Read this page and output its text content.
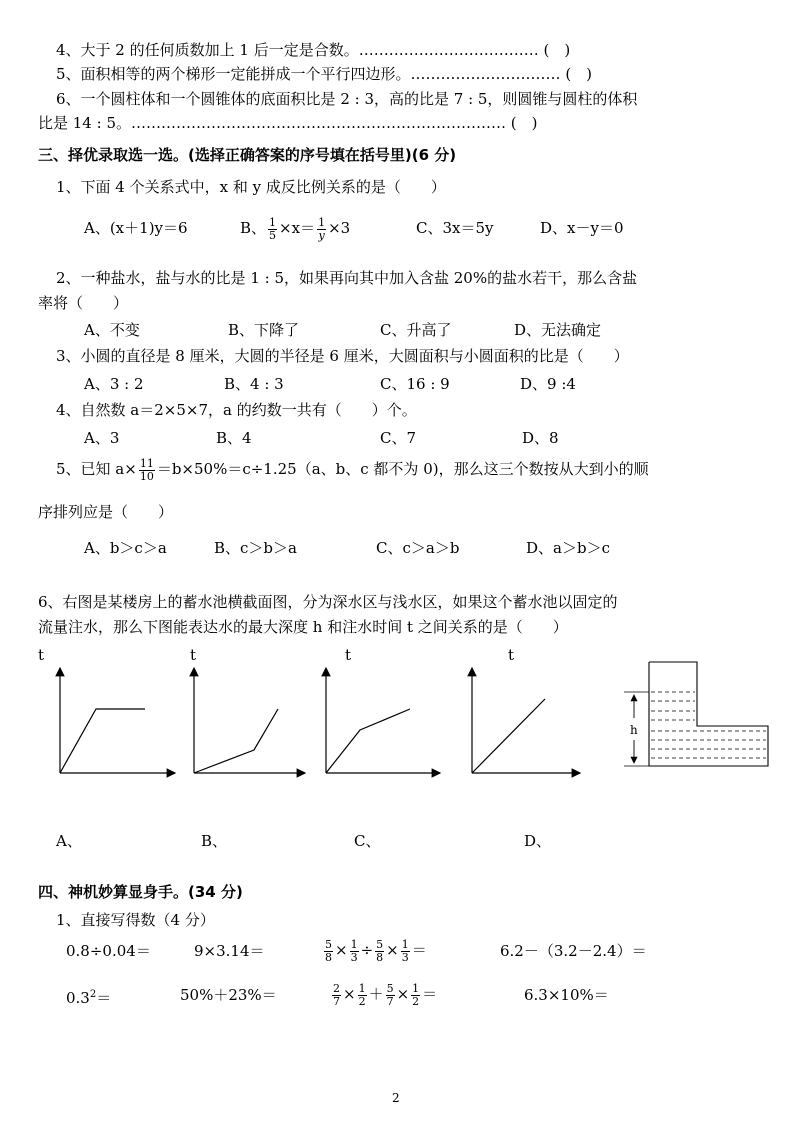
4、大于 2 的任何质数加上 1 后一定是合数。……………………………… (　)
5、面积相等的两个梯形一定能拼成一个平行四边形。………………………… (　)
6、一个圆柱体和一个圆锥体的底面积比是 2 : 3，高的比是 7 : 5，则圆锥与圆柱的体积
比是 14 : 5。………………………………………………………………… (　)
三、择优录取选一选。(选择正确答案的序号填在括号里)(6 分)
1、下面 4 个关系式中，x 和 y 成反比例关系的是（　　）
A、(x＋1)y＝6	B、 $\frac{1}{5} \times x= \frac{1}{y} \times 3$	C、3x＝5y	D、x－y＝0
2、一种盐水，盐与水的比是 1 : 5，如果再向其中加入含盐 20%的盐水若干，那么含盐
率将（　　）
A、不变	B、下降了	C、升高了	D、无法确定
3、小圆的直径是 8 厘米，大圆的半径是 6 厘米，大圆面积与小圆面积的比是（　　）
A、3 : 2	B、4 : 3	C、16 : 9	D、9 :4
4、自然数 a＝2×5×7，a 的约数一共有（　　）个。
A、3	B、4	C、7	D、8
5、已知 $a\times \frac{11}{10} =b\times 50\%=c\div 1.25(a$、b、c 都不为 0)，那么这三个数按从大到小的顺
序排列应是（　　）
A、b＞c＞a	B、c＞b＞a	C、c＞a＞b	D、a＞b＞c
6、右图是某楼房上的蓄水池横截面图，分为深水区与浅水区，如果这个蓄水池以固定的
流量注水，那么下图能表达水的最大深度 h 和注水时间 t 之间关系的是（　　）
t	t	t	t
h
A、	B、	C、	D、
四、神机妙算显身手。(34 分)
1、直接写得数（4 分）
0.8÷0.04＝	9×3.14＝	$\frac{5}{8} \times \frac{1}{3} \div \frac{5}{8} \times \frac{1}{3}$ ＝	6.2－（3.2－2.4）＝
$0.3^2=$	50%＋23%＝	$\frac{2}{7} \times \frac{1}{2} + \frac{5}{7} \times \frac{1}{2}$ ＝	6.3×10%＝
2
